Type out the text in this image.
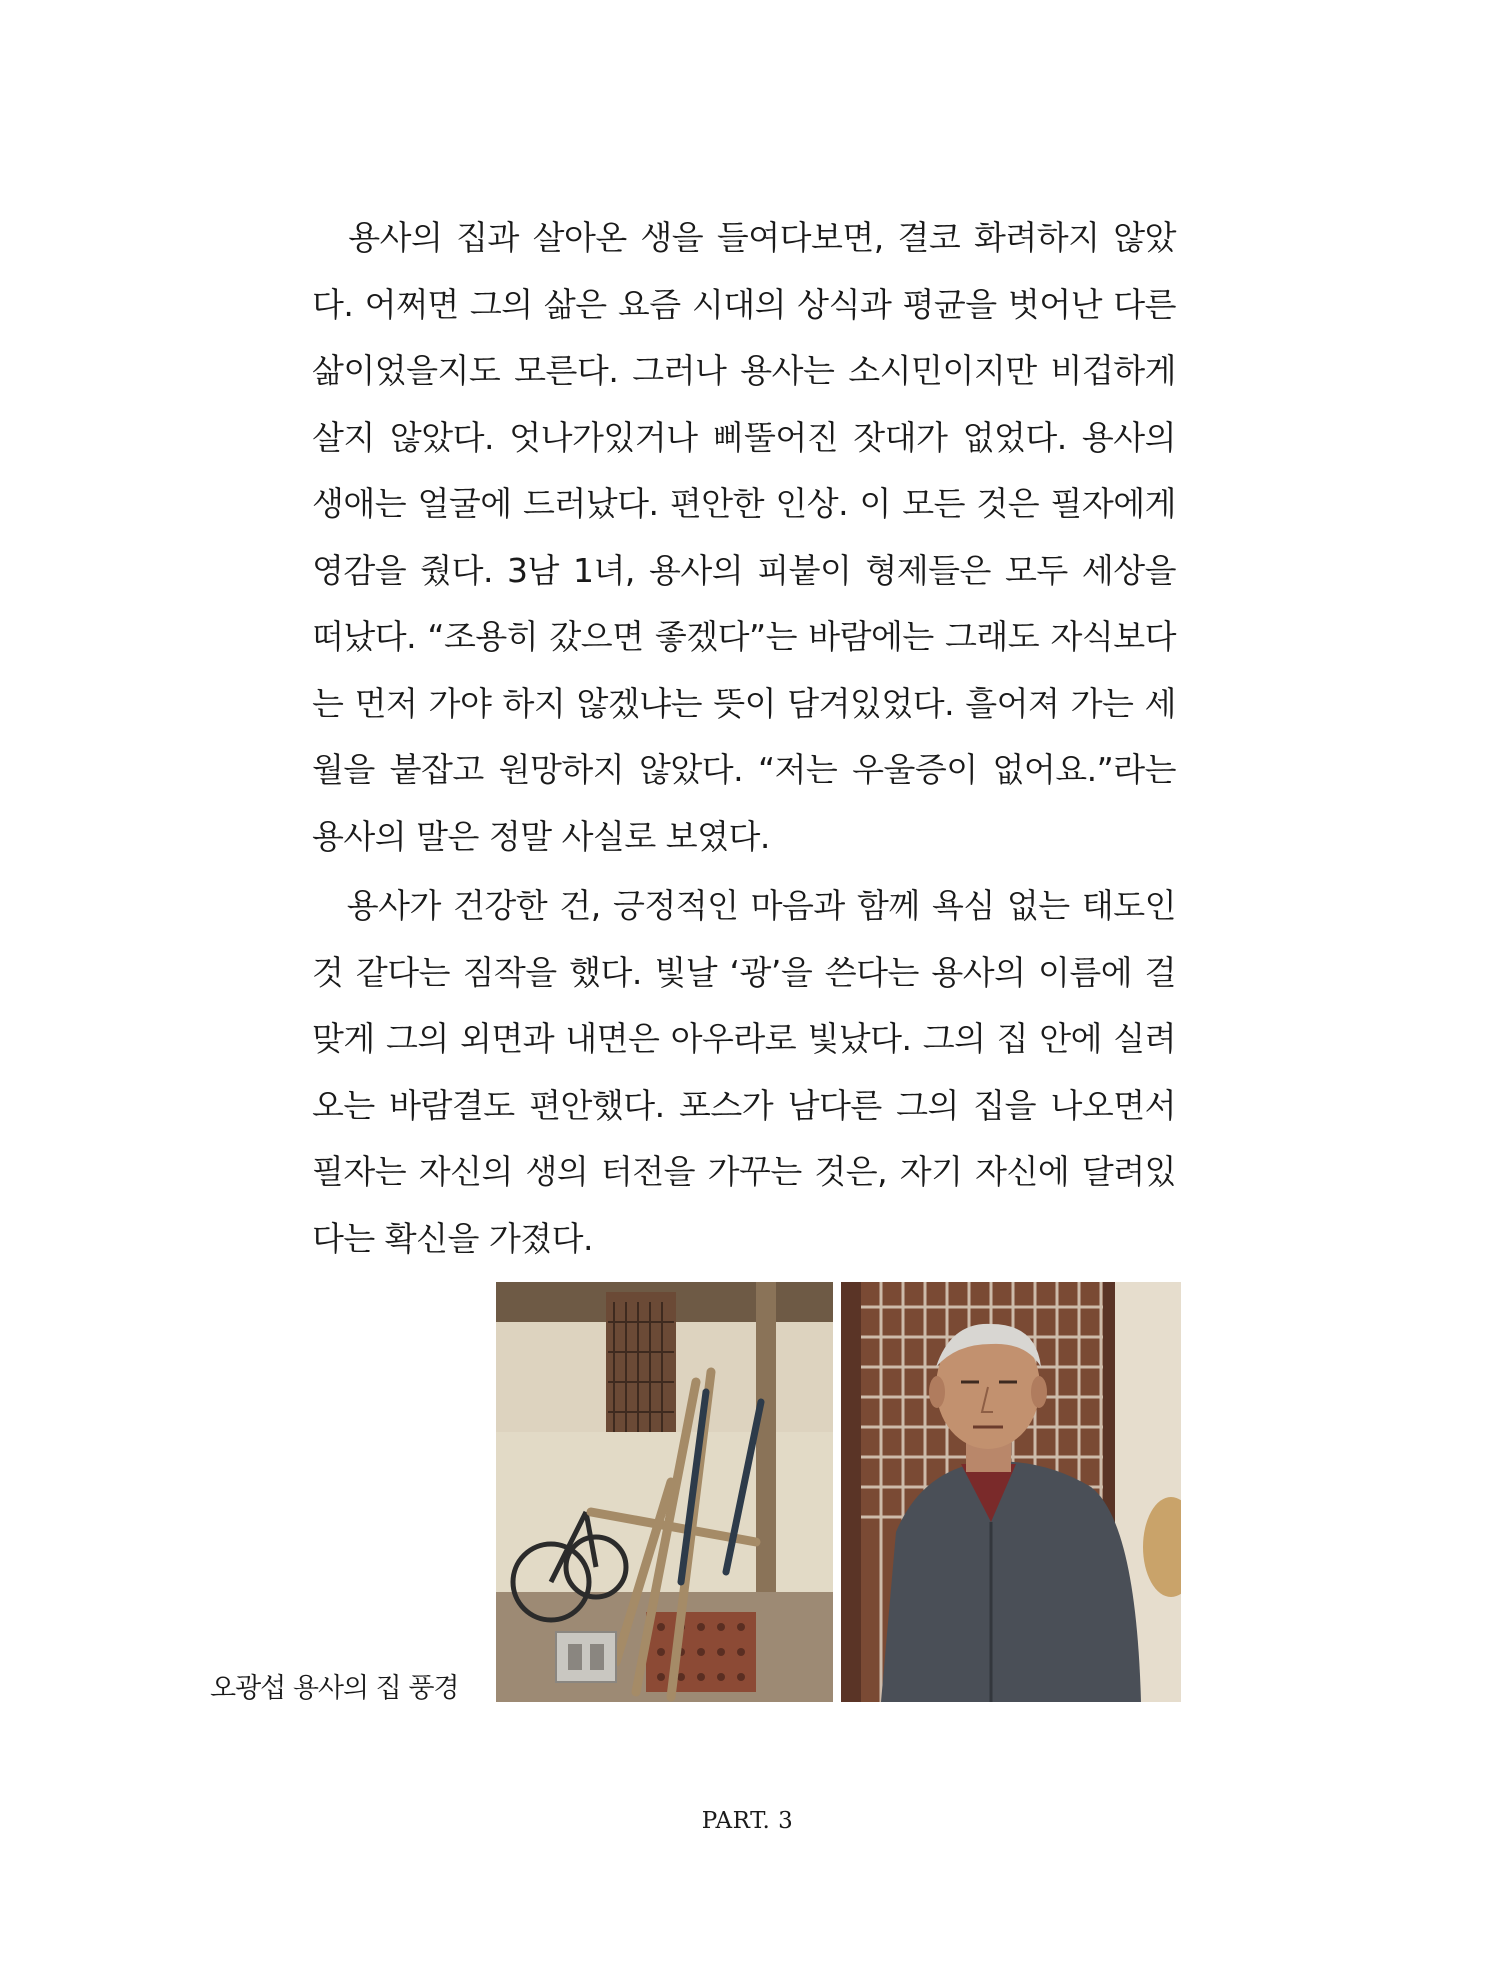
　용사의 집과 살아온 생을 들여다보면, 결코 화려하지 않았다. 어쩌면 그의 삶은 요즘 시대의 상식과 평균을 벗어난 다른 삶이었을지도 모른다. 그러나 용사는 소시민이지만 비겁하게 살지 않았다. 엇나가있거나 삐뚤어진 잣대가 없었다. 용사의 생애는 얼굴에 드러났다. 편안한 인상. 이 모든 것은 필자에게 영감을 줬다. 3남 1녀, 용사의 피붙이 형제들은 모두 세상을 떠났다. “조용히 갔으면 좋겠다”는 바람에는 그래도 자식보다는 먼저 가야 하지 않겠냐는 뜻이 담겨있었다. 흘어져 가는 세월을 붙잡고 원망하지 않았다. “저는 우울증이 없어요.”라는 용사의 말은 정말 사실로 보였다.

　용사가 건강한 건, 긍정적인 마음과 함께 욕심 없는 태도인 것 같다는 짐작을 했다. 빛날 ‘광’을 쓴다는 용사의 이름에 걸맞게 그의 외면과 내면은 아우라로 빛났다. 그의 집 안에 실려오는 바람결도 편안했다. 포스가 남다른 그의 집을 나오면서 필자는 자신의 생의 터전을 가꾸는 것은, 자기 자신에 달려있다는 확신을 가졌다.

오광섭 용사의 집 풍경
PART. 3
